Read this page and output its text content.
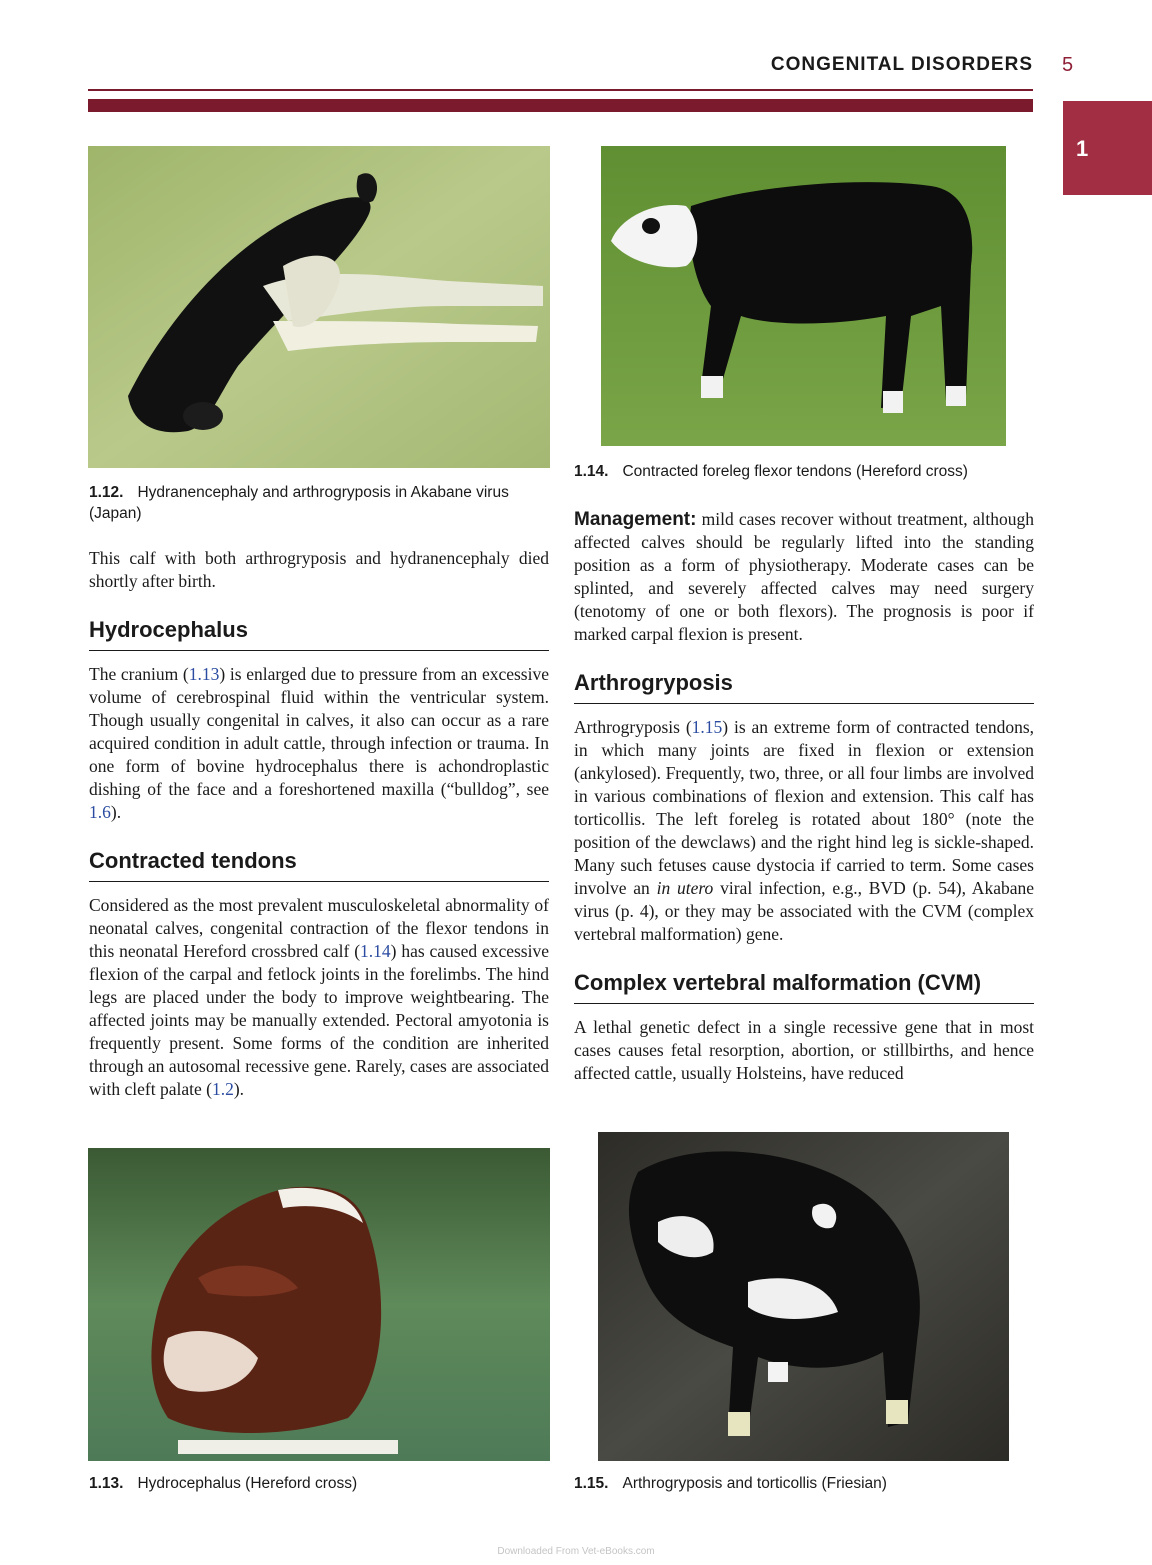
CONGENITAL DISORDERS 5
1
1.12. Hydranencephaly and arthrogryposis in Akabane virus (Japan)
1.14. Contracted foreleg flexor tendons (Hereford cross)

This calf with both arthrogryposis and hydranencephaly died shortly after birth.

Hydrocephalus

The cranium (1.13) is enlarged due to pressure from an excessive volume of cerebrospinal fluid within the ventricular system. Though usually congenital in calves, it also can occur as a rare acquired condition in adult cattle, through infection or trauma. In one form of bovine hydrocephalus there is achondroplastic dishing of the face and a foreshortened maxilla (“bulldog”, see 1.6).

Contracted tendons

Considered as the most prevalent musculoskeletal abnormality of neonatal calves, congenital contraction of the flexor tendons in this neonatal Hereford crossbred calf (1.14) has caused excessive flexion of the carpal and fetlock joints in the forelimbs. The hind legs are placed under the body to improve weightbearing. The affected joints may be manually extended. Pectoral amyotonia is frequently present. Some forms of the condition are inherited through an autosomal recessive gene. Rarely, cases are associated with cleft palate (1.2).

Management: mild cases recover without treatment, although affected calves should be regularly lifted into the standing position as a form of physiotherapy. Moderate cases can be splinted, and severely affected calves may need surgery (tenotomy of one or both flexors). The prognosis is poor if marked carpal flexion is present.

Arthrogryposis

Arthrogryposis (1.15) is an extreme form of contracted tendons, in which many joints are fixed in flexion or extension (ankylosed). Frequently, two, three, or all four limbs are involved in various combinations of flexion and extension. This calf has torticollis. The left foreleg is rotated about 180° (note the position of the dewclaws) and the right hind leg is sickle-shaped. Many such fetuses cause dystocia if carried to term. Some cases involve an in utero viral infection, e.g., BVD (p. 54), Akabane virus (p. 4), or they may be associated with the CVM (complex vertebral malformation) gene.

Complex vertebral malformation (CVM)

A lethal genetic defect in a single recessive gene that in most cases causes fetal resorption, abortion, or stillbirths, and hence affected cattle, usually Holsteins, have reduced

1.13. Hydrocephalus (Hereford cross)	1.15. Arthrogryposis and torticollis (Friesian)
Downloaded From Vet-eBooks.com
